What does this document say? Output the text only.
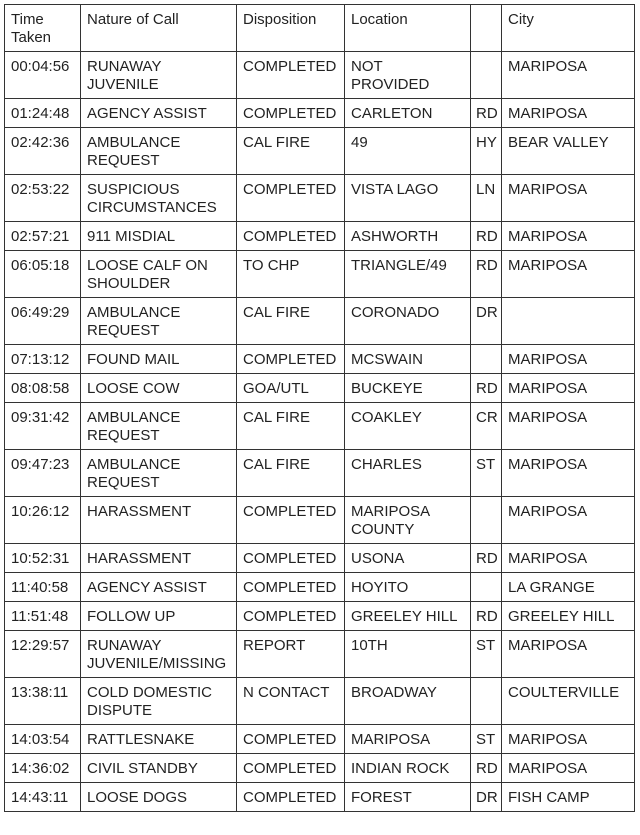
Time Taken	Nature of Call	Disposition	Location		City
00:04:56	RUNAWAY JUVENILE	COMPLETED	NOT PROVIDED		MARIPOSA
01:24:48	AGENCY ASSIST	COMPLETED	CARLETON	RD	MARIPOSA
02:42:36	AMBULANCE REQUEST	CAL FIRE	49	HY	BEAR VALLEY
02:53:22	SUSPICIOUS CIRCUMSTANCES	COMPLETED	VISTA LAGO	LN	MARIPOSA
02:57:21	911 MISDIAL	COMPLETED	ASHWORTH	RD	MARIPOSA
06:05:18	LOOSE CALF ON SHOULDER	TO CHP	TRIANGLE/49	RD	MARIPOSA
06:49:29	AMBULANCE REQUEST	CAL FIRE	CORONADO	DR	
07:13:12	FOUND MAIL	COMPLETED	MCSWAIN		MARIPOSA
08:08:58	LOOSE COW	GOA/UTL	BUCKEYE	RD	MARIPOSA
09:31:42	AMBULANCE REQUEST	CAL FIRE	COAKLEY	CR	MARIPOSA
09:47:23	AMBULANCE REQUEST	CAL FIRE	CHARLES	ST	MARIPOSA
10:26:12	HARASSMENT	COMPLETED	MARIPOSA COUNTY		MARIPOSA
10:52:31	HARASSMENT	COMPLETED	USONA	RD	MARIPOSA
11:40:58	AGENCY ASSIST	COMPLETED	HOYITO		LA GRANGE
11:51:48	FOLLOW UP	COMPLETED	GREELEY HILL	RD	GREELEY HILL
12:29:57	RUNAWAY JUVENILE/MISSING	REPORT	10TH	ST	MARIPOSA
13:38:11	COLD DOMESTIC DISPUTE	N CONTACT	BROADWAY		COULTERVILLE
14:03:54	RATTLESNAKE	COMPLETED	MARIPOSA	ST	MARIPOSA
14:36:02	CIVIL STANDBY	COMPLETED	INDIAN ROCK	RD	MARIPOSA
14:43:11	LOOSE DOGS	COMPLETED	FOREST	DR	FISH CAMP
